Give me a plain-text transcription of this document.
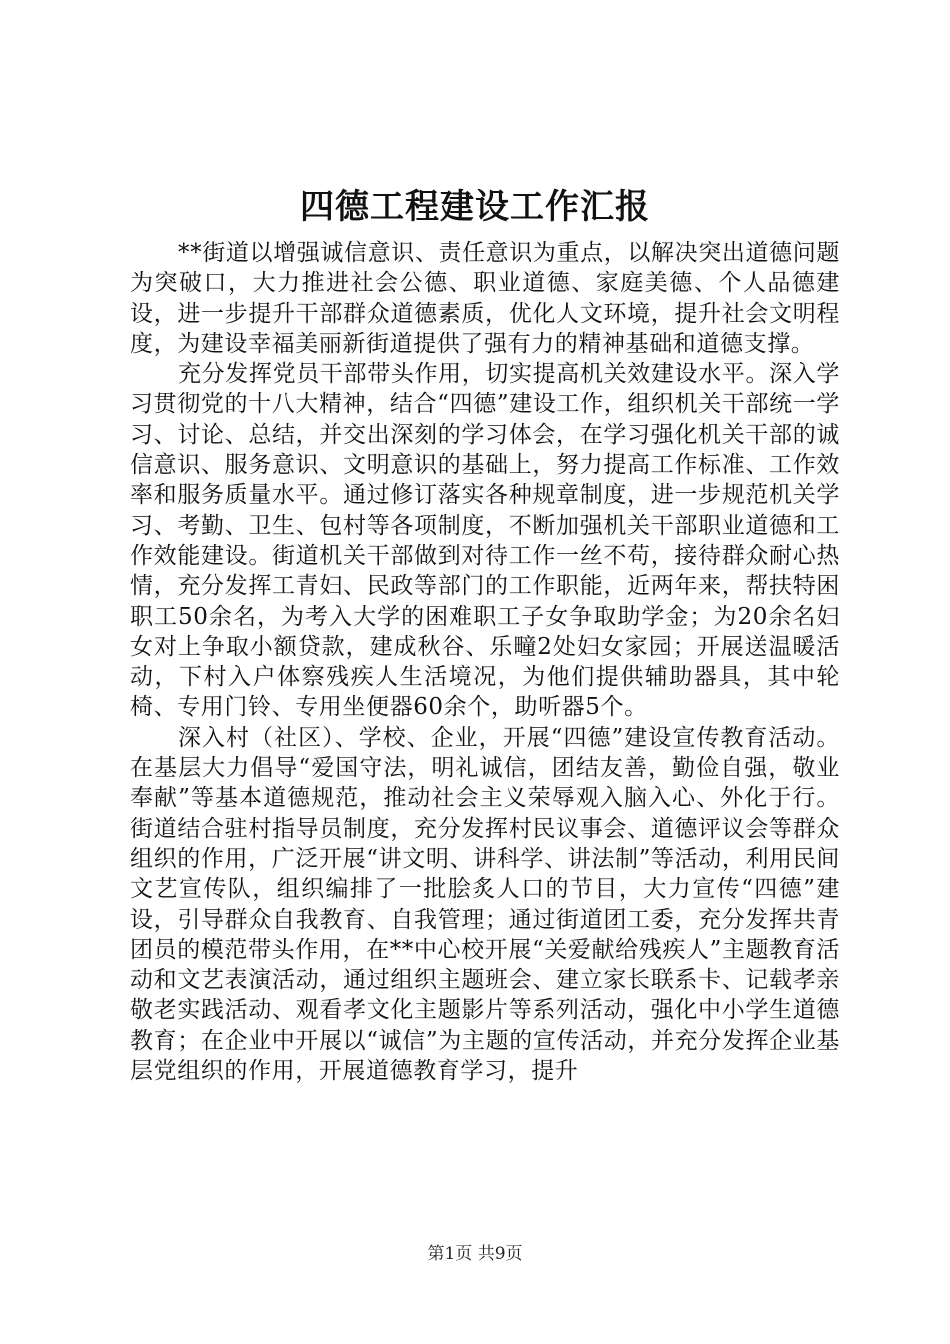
四德工程建设工作汇报

**街道以增强诚信意识、责任意识为重点，以解决突出道德问题为突破口，大力推进社会公德、职业道德、家庭美德、个人品德建设，进一步提升干部群众道德素质，优化人文环境，提升社会文明程度，为建设幸福美丽新街道提供了强有力的精神基础和道德支撑。

充分发挥党员干部带头作用，切实提高机关效建设水平。深入学习贯彻党的十八大精神，结合“四德”建设工作，组织机关干部统一学习、讨论、总结，并交出深刻的学习体会，在学习强化机关干部的诚信意识、服务意识、文明意识的基础上，努力提高工作标准、工作效率和服务质量水平。通过修订落实各种规章制度，进一步规范机关学习、考勤、卫生、包村等各项制度，不断加强机关干部职业道德和工作效能建设。街道机关干部做到对待工作一丝不苟，接待群众耐心热情，充分发挥工青妇、民政等部门的工作职能，近两年来，帮扶特困职工50余名，为考入大学的困难职工子女争取助学金；为20余名妇女对上争取小额贷款，建成秋谷、乐疃2处妇女家园；开展送温暖活动，下村入户体察残疾人生活境况，为他们提供辅助器具，其中轮椅、专用门铃、专用坐便器60余个，助听器5个。

深入村（社区）、学校、企业，开展“四德”建设宣传教育活动。在基层大力倡导“爱国守法，明礼诚信，团结友善，勤俭自强，敬业奉献”等基本道德规范，推动社会主义荣辱观入脑入心、外化于行。街道结合驻村指导员制度，充分发挥村民议事会、道德评议会等群众组织的作用，广泛开展“讲文明、讲科学、讲法制”等活动，利用民间文艺宣传队，组织编排了一批脍炙人口的节目，大力宣传“四德”建设，引导群众自我教育、自我管理；通过街道团工委，充分发挥共青团员的模范带头作用，在**中心校开展“关爱献给残疾人”主题教育活动和文艺表演活动，通过组织主题班会、建立家长联系卡、记载孝亲敬老实践活动、观看孝文化主题影片等系列活动，强化中小学生道德教育；在企业中开展以“诚信”为主题的宣传活动，并充分发挥企业基层党组织的作用，开展道德教育学习，提升

第1页 共9页
